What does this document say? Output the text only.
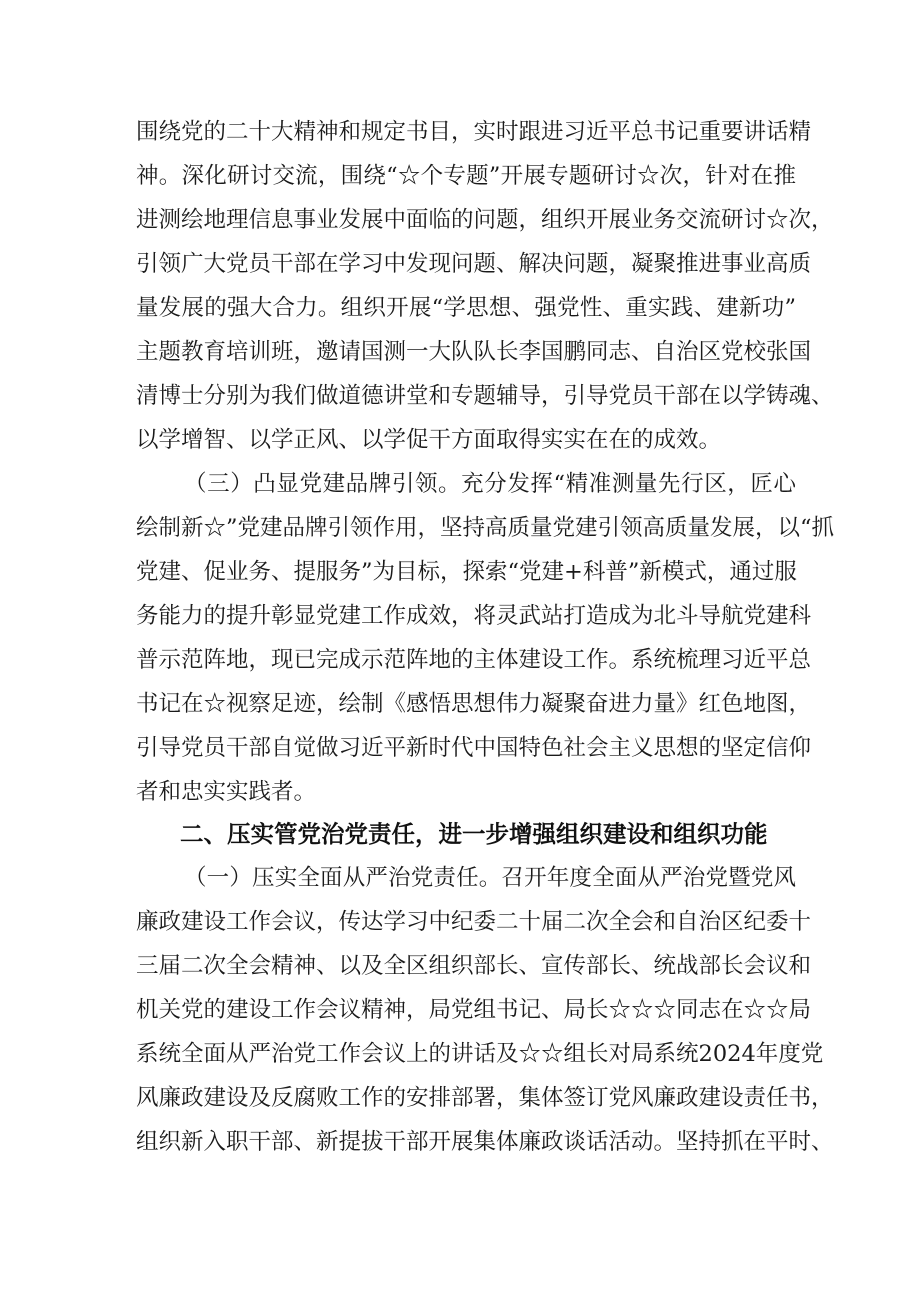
围绕党的二十大精神和规定书目，实时跟进习近平总书记重要讲话精
神。深化研讨交流，围绕“☆个专题”开展专题研讨☆次，针对在推
进测绘地理信息事业发展中面临的问题，组织开展业务交流研讨☆次，
引领广大党员干部在学习中发现问题、解决问题，凝聚推进事业高质
量发展的强大合力。组织开展“学思想、强党性、重实践、建新功”
主题教育培训班，邀请国测一大队队长李国鹏同志、自治区党校张国
清博士分别为我们做道德讲堂和专题辅导，引导党员干部在以学铸魂、
以学增智、以学正风、以学促干方面取得实实在在的成效。
（三）凸显党建品牌引领。充分发挥“精准测量先行区，匠心
绘制新☆”党建品牌引领作用，坚持高质量党建引领高质量发展，以“抓
党建、促业务、提服务”为目标，探索“党建+科普”新模式，通过服
务能力的提升彰显党建工作成效，将灵武站打造成为北斗导航党建科
普示范阵地，现已完成示范阵地的主体建设工作。系统梳理习近平总
书记在☆视察足迹，绘制《感悟思想伟力凝聚奋进力量》红色地图，
引导党员干部自觉做习近平新时代中国特色社会主义思想的坚定信仰
者和忠实实践者。
二、压实管党治党责任，进一步增强组织建设和组织功能
（一）压实全面从严治党责任。召开年度全面从严治党暨党风
廉政建设工作会议，传达学习中纪委二十届二次全会和自治区纪委十
三届二次全会精神、以及全区组织部长、宣传部长、统战部长会议和
机关党的建设工作会议精神，局党组书记、局长☆☆☆同志在☆☆局
系统全面从严治党工作会议上的讲话及☆☆组长对局系统2024年度党
风廉政建设及反腐败工作的安排部署，集体签订党风廉政建设责任书，
组织新入职干部、新提拔干部开展集体廉政谈话活动。坚持抓在平时、
